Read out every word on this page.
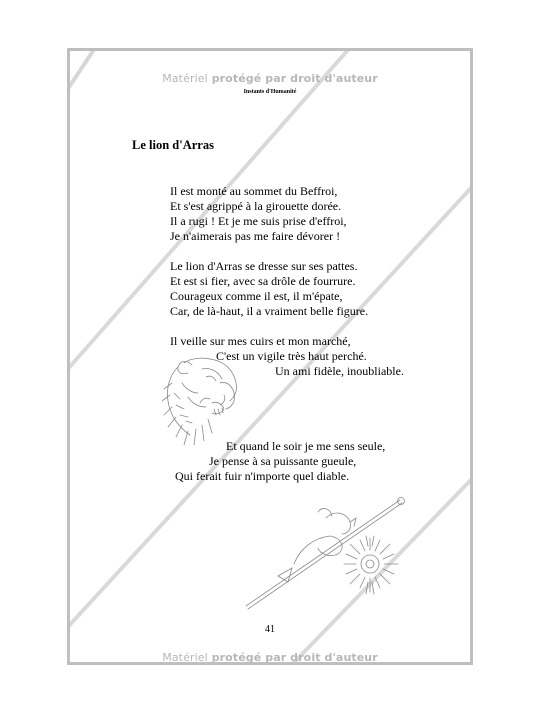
Matériel protégé par droit d'auteur
Instants d'Humanité
Le lion d'Arras
Il est monté au sommet du Beffroi,
Et s'est agrippé à la girouette dorée.
Il a rugi ! Et je me suis prise d'effroi,
Je n'aimerais pas me faire dévorer !
Le lion d'Arras se dresse sur ses pattes.
Et est si fier, avec sa drôle de fourrure.
Courageux comme il est, il m'épate,
Car, de là-haut, il a vraiment belle figure.
Il veille sur mes cuirs et mon marché,
C'est un vigile très haut perché.
Un ami fidèle, inoubliable.
Et quand le soir je me sens seule,
Je pense à sa puissante gueule,
Qui ferait fuir n'importe quel diable.
41
Matériel protégé par droit d'auteur
